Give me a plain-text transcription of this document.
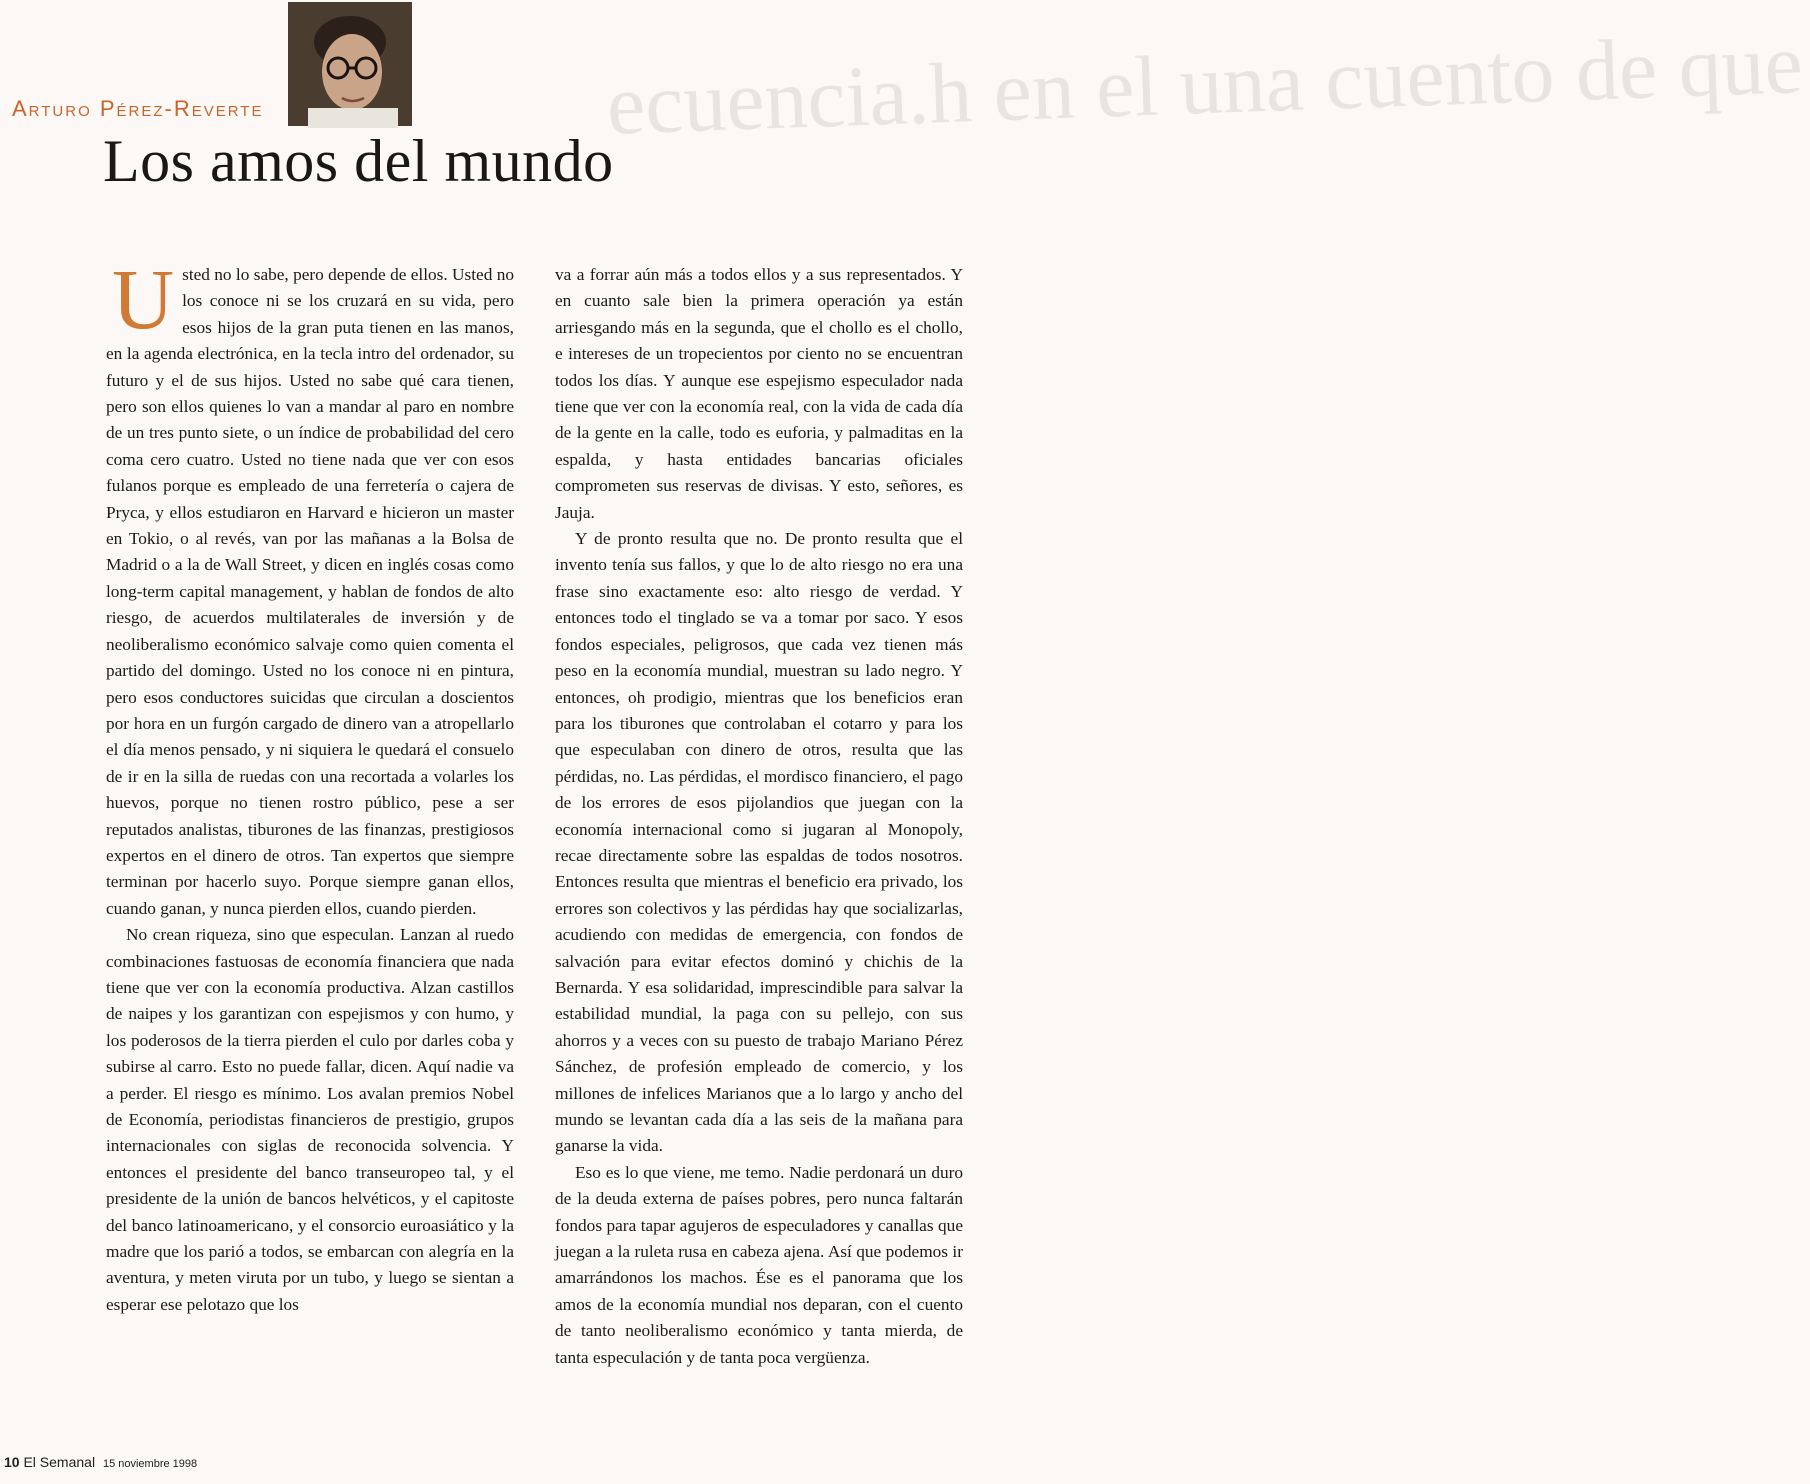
ecuencia.h en el una cuento de que
Arturo Pérez-Reverte
Los amos del mundo

Usted no lo sabe, pero depende de ellos. Usted no los conoce ni se los cruzará en su vida, pero esos hijos de la gran puta tienen en las manos, en la agenda electrónica, en la tecla intro del ordenador, su futuro y el de sus hijos. Usted no sabe qué cara tienen, pero son ellos quienes lo van a mandar al paro en nombre de un tres punto siete, o un índice de probabilidad del cero coma cero cuatro. Usted no tiene nada que ver con esos fulanos porque es empleado de una ferretería o cajera de Pryca, y ellos estudiaron en Harvard e hicieron un master en Tokio, o al revés, van por las mañanas a la Bolsa de Madrid o a la de Wall Street, y dicen en inglés cosas como long-term capital management, y hablan de fondos de alto riesgo, de acuerdos multilaterales de inversión y de neoliberalismo económico salvaje como quien comenta el partido del domingo. Usted no los conoce ni en pintura, pero esos conductores suicidas que circulan a doscientos por hora en un furgón cargado de dinero van a atropellarlo el día menos pensado, y ni siquiera le quedará el consuelo de ir en la silla de ruedas con una recortada a volarles los huevos, porque no tienen rostro público, pese a ser reputados analistas, tiburones de las finanzas, prestigiosos expertos en el dinero de otros. Tan expertos que siempre terminan por hacerlo suyo. Porque siempre ganan ellos, cuando ganan, y nunca pierden ellos, cuando pierden.

No crean riqueza, sino que especulan. Lanzan al ruedo combinaciones fastuosas de economía financiera que nada tiene que ver con la economía productiva. Alzan castillos de naipes y los garantizan con espejismos y con humo, y los poderosos de la tierra pierden el culo por darles coba y subirse al carro. Esto no puede fallar, dicen. Aquí nadie va a perder. El riesgo es mínimo. Los avalan premios Nobel de Economía, periodistas financieros de prestigio, grupos internacionales con siglas de reconocida solvencia. Y entonces el presidente del banco transeuropeo tal, y el presidente de la unión de bancos helvéticos, y el capitoste del banco latinoamericano, y el consorcio euroasiático y la madre que los parió a todos, se embarcan con alegría en la aventura, y meten viruta por un tubo, y luego se sientan a esperar ese pelotazo que los

va a forrar aún más a todos ellos y a sus representados. Y en cuanto sale bien la primera operación ya están arriesgando más en la segunda, que el chollo es el chollo, e intereses de un tropecientos por ciento no se encuentran todos los días. Y aunque ese espejismo especulador nada tiene que ver con la economía real, con la vida de cada día de la gente en la calle, todo es euforia, y palmaditas en la espalda, y hasta entidades bancarias oficiales comprometen sus reservas de divisas. Y esto, señores, es Jauja.

Y de pronto resulta que no. De pronto resulta que el invento tenía sus fallos, y que lo de alto riesgo no era una frase sino exactamente eso: alto riesgo de verdad. Y entonces todo el tinglado se va a tomar por saco. Y esos fondos especiales, peligrosos, que cada vez tienen más peso en la economía mundial, muestran su lado negro. Y entonces, oh prodigio, mientras que los beneficios eran para los tiburones que controlaban el cotarro y para los que especulaban con dinero de otros, resulta que las pérdidas, no. Las pérdidas, el mordisco financiero, el pago de los errores de esos pijolandios que juegan con la economía internacional como si jugaran al Monopoly, recae directamente sobre las espaldas de todos nosotros. Entonces resulta que mientras el beneficio era privado, los errores son colectivos y las pérdidas hay que socializarlas, acudiendo con medidas de emergencia, con fondos de salvación para evitar efectos dominó y chichis de la Bernarda. Y esa solidaridad, imprescindible para salvar la estabilidad mundial, la paga con su pellejo, con sus ahorros y a veces con su puesto de trabajo Mariano Pérez Sánchez, de profesión empleado de comercio, y los millones de infelices Marianos que a lo largo y ancho del mundo se levantan cada día a las seis de la mañana para ganarse la vida.

Eso es lo que viene, me temo. Nadie perdonará un duro de la deuda externa de países pobres, pero nunca faltarán fondos para tapar agujeros de especuladores y canallas que juegan a la ruleta rusa en cabeza ajena. Así que podemos ir amarrándonos los machos. Ése es el panorama que los amos de la economía mundial nos deparan, con el cuento de tanto neoliberalismo económico y tanta mierda, de tanta especulación y de tanta poca vergüenza.

10 El Semanal 15 noviembre 1998
